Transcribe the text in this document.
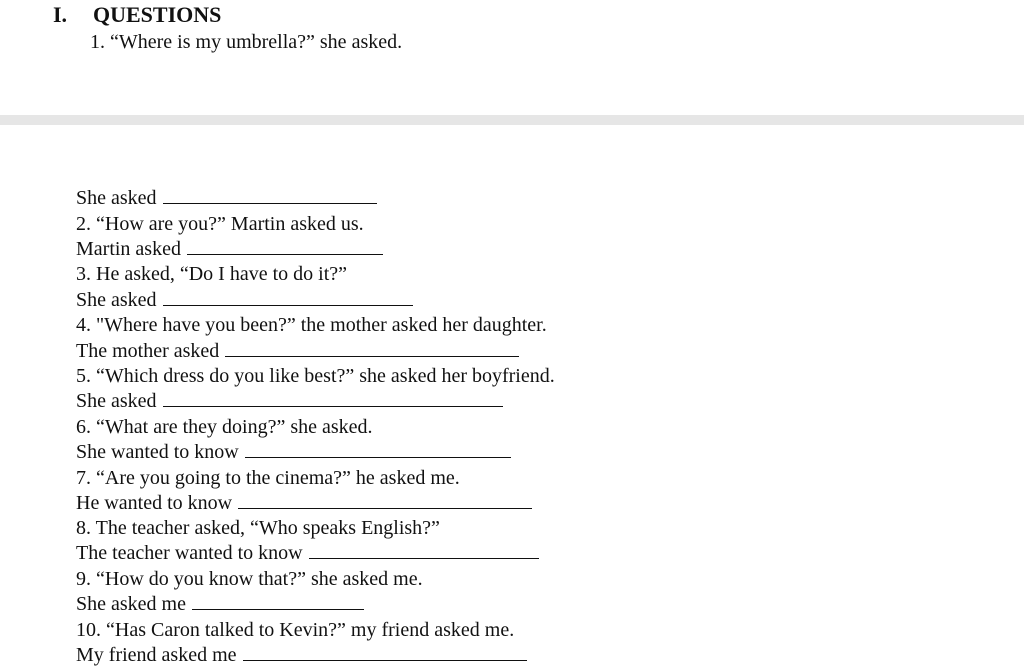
I. QUESTIONS
1. “Where is my umbrella?” she asked.
She asked
2. “How are you?” Martin asked us.
Martin asked
3. He asked, “Do I have to do it?”
She asked
4. "Where have you been?” the mother asked her daughter.
The mother asked
5. “Which dress do you like best?” she asked her boyfriend.
She asked
6. “What are they doing?” she asked.
She wanted to know
7. “Are you going to the cinema?” he asked me.
He wanted to know
8. The teacher asked, “Who speaks English?”
The teacher wanted to know
9. “How do you know that?” she asked me.
She asked me
10. “Has Caron talked to Kevin?” my friend asked me.
My friend asked me
